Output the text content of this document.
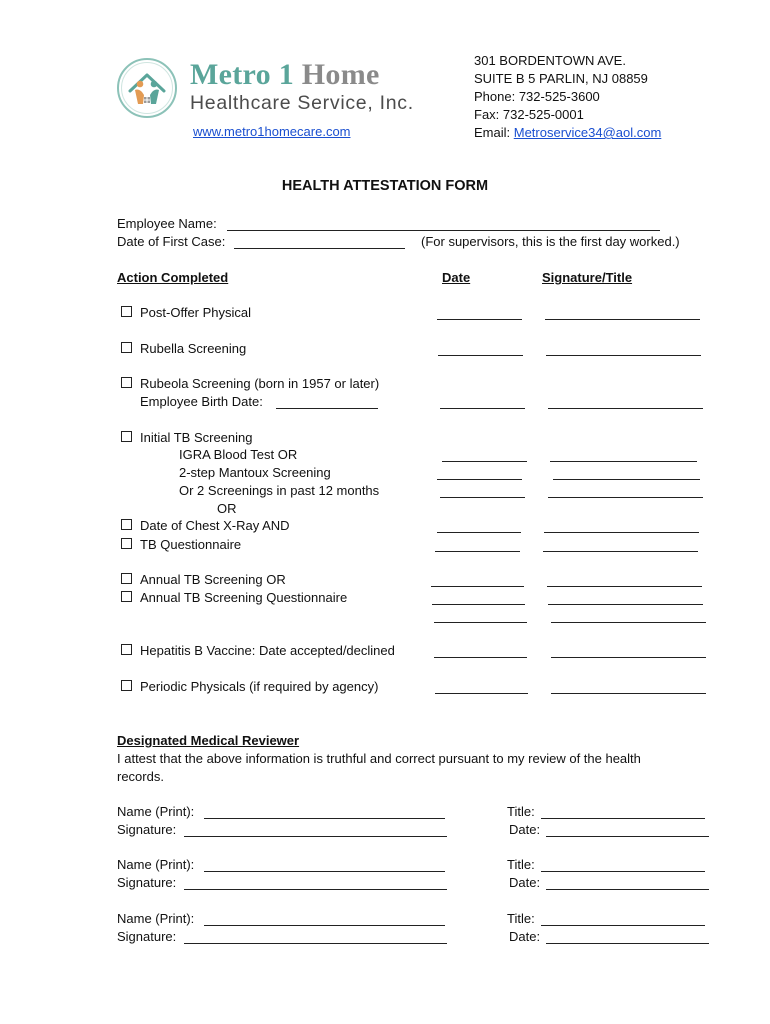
Metro 1 Home
Healthcare Service, Inc.
www.metro1homecare.com
301 BORDENTOWN AVE.
SUITE B 5 PARLIN, NJ 08859
Phone: 732-525-3600
Fax: 732-525-0001
Email: Metroservice34@aol.com
HEALTH ATTESTATION FORM
Employee Name:
Date of First Case:	(For supervisors, this is the first day worked.)
Action Completed	Date	Signature/Title
Post-Offer Physical
Rubella Screening
Rubeola Screening (born in 1957 or later)
Employee Birth Date:
Initial TB Screening
IGRA Blood Test OR
2-step Mantoux Screening
Or 2 Screenings in past 12 months
OR
Date of Chest X-Ray AND
TB Questionnaire
Annual TB Screening OR
Annual TB Screening Questionnaire
Hepatitis B Vaccine: Date accepted/declined
Periodic Physicals (if required by agency)
Designated Medical Reviewer
I attest that the above information is truthful and correct pursuant to my review of the health
records.
Name (Print):	Title:
Signature:	Date:
Name (Print):	Title:
Signature:	Date:
Name (Print):	Title:
Signature:	Date:
